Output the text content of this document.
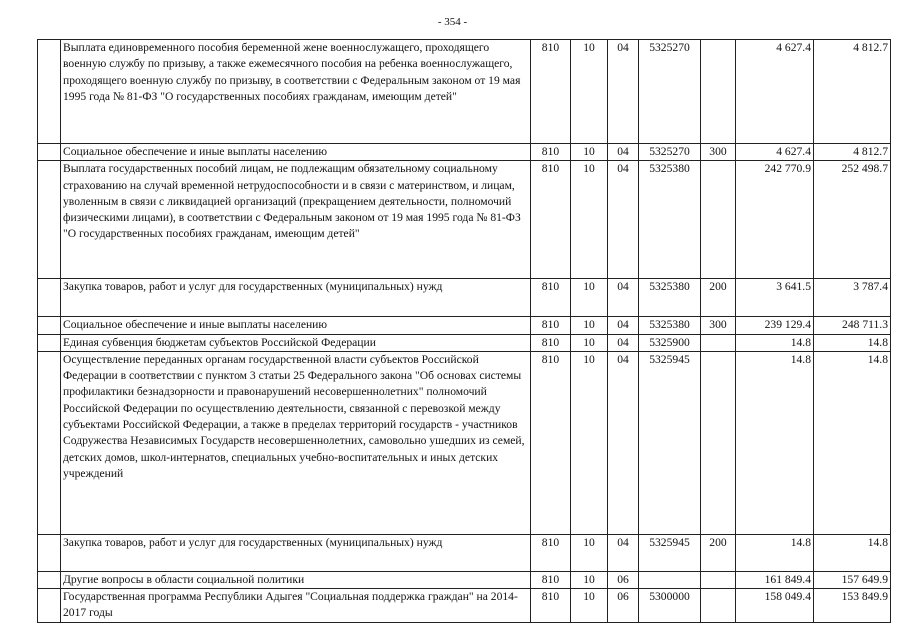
- 354 -
	Выплата единовременного пособия беременной жене военнослужащего, проходящего военную службу по призыву, а также ежемесячного пособия на ребенка военнослужащего, проходящего военную службу по призыву, в соответствии с Федеральным законом от 19 мая 1995 года № 81-ФЗ "О государственных пособиях гражданам, имеющим детей"	810	10	04	5325270		4 627.4	4 812.7
	Социальное обеспечение и иные выплаты населению	810	10	04	5325270	300	4 627.4	4 812.7
	Выплата государственных пособий лицам, не подлежащим обязательному социальному страхованию на случай временной нетрудоспособности и в связи с материнством, и лицам, уволенным в связи с ликвидацией организаций (прекращением деятельности, полномочий физическими лицами), в соответствии с Федеральным законом от 19 мая 1995 года № 81-ФЗ "О государственных пособиях гражданам, имеющим детей"	810	10	04	5325380		242 770.9	252 498.7
	Закупка товаров, работ и услуг для государственных (муниципальных) нужд	810	10	04	5325380	200	3 641.5	3 787.4
	Социальное обеспечение и иные выплаты населению	810	10	04	5325380	300	239 129.4	248 711.3
	Единая субвенция бюджетам субъектов Российской Федерации	810	10	04	5325900		14.8	14.8
	Осуществление переданных органам государственной власти субъектов Российской Федерации в соответствии с пунктом 3 статьи 25 Федерального закона "Об основах системы профилактики безнадзорности и правонарушений несовершеннолетних" полномочий Российской Федерации по осуществлению деятельности, связанной с перевозкой между субъектами Российской Федерации, а также в пределах территорий государств - участников Содружества Независимых Государств несовершеннолетних, самовольно ушедших из семей, детских домов, школ-интернатов, специальных учебно-воспитательных и иных детских учреждений	810	10	04	5325945		14.8	14.8
	Закупка товаров, работ и услуг для государственных (муниципальных) нужд	810	10	04	5325945	200	14.8	14.8
	Другие вопросы в области социальной политики	810	10	06			161 849.4	157 649.9
	Государственная программа Республики Адыгея "Социальная поддержка граждан" на 2014-2017 годы	810	10	06	5300000		158 049.4	153 849.9
